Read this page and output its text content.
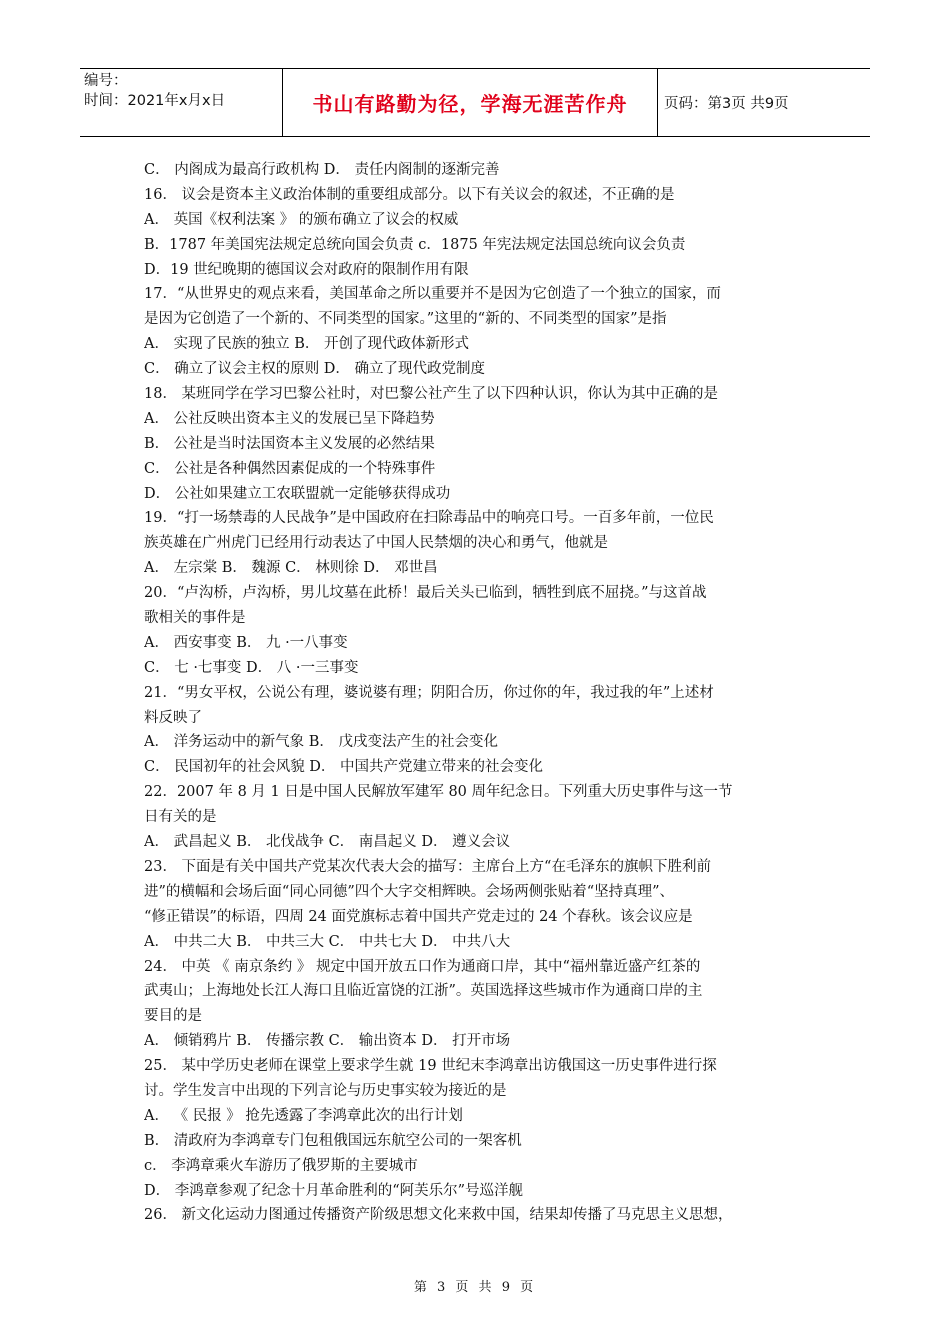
编号：
时间：2021年x月x日	书山有路勤为径，学海无涯苦作舟	页码：第3页 共9页
C． 内阁成为最高行政机构 D． 责任内阁制的逐渐完善
16． 议会是资本主义政治体制的重要组成部分。以下有关议会的叙述，不正确的是
A． 英国《权利法案 》 的颁布确立了议会的权威
B．1787 年美国宪法规定总统向国会负责 c．1875 年宪法规定法国总统向议会负责
D．19 世纪晚期的德国议会对政府的限制作用有限
17．“从世界史的观点来看，美国革命之所以重要并不是因为它创造了一个独立的国家，而
是因为它创造了一个新的、不同类型的国家。”这里的“新的、不同类型的国家”是指
A． 实现了民族的独立 B． 开创了现代政体新形式
C． 确立了议会主权的原则 D． 确立了现代政党制度
18． 某班同学在学习巴黎公社时，对巴黎公社产生了以下四种认识，你认为其中正确的是
A． 公社反映出资本主义的发展已呈下降趋势
B． 公社是当时法国资本主义发展的必然结果
C． 公社是各种偶然因素促成的一个特殊事件
D． 公社如果建立工农联盟就一定能够获得成功
19．“打一场禁毒的人民战争”是中国政府在扫除毒品中的响亮口号。一百多年前，一位民
族英雄在广州虎门已经用行动表达了中国人民禁烟的决心和勇气，他就是
A． 左宗棠 B． 魏源 C． 林则徐 D． 邓世昌
20．“卢沟桥，卢沟桥，男儿坟墓在此桥！最后关头已临到，牺牲到底不屈挠。”与这首战
歌相关的事件是
A． 西安事变 B． 九 ·一八事变
C． 七 ·七事变 D． 八 ·一三事变
21．“男女平权，公说公有理，婆说婆有理；阴阳合历，你过你的年，我过我的年”上述材
料反映了
A． 洋务运动中的新气象 B． 戊戌变法产生的社会变化
C． 民国初年的社会风貌 D． 中国共产党建立带来的社会变化
22．2007 年 8 月 1 日是中国人民解放军建军 80 周年纪念日。下列重大历史事件与这一节
日有关的是
A． 武昌起义 B． 北伐战争 C． 南昌起义 D． 遵义会议
23． 下面是有关中国共产党某次代表大会的描写：主席台上方“在毛泽东的旗帜下胜利前
进”的横幅和会场后面“同心同德”四个大字交相辉映。会场两侧张贴着“坚持真理”、
“修正错误”的标语，四周 24 面党旗标志着中国共产党走过的 24 个春秋。该会议应是
A． 中共二大 B． 中共三大 C． 中共七大 D． 中共八大
24． 中英 《 南京条约 》 规定中国开放五口作为通商口岸，其中“福州靠近盛产红茶的
武夷山；上海地处长江人海口且临近富饶的江浙”。英国选择这些城市作为通商口岸的主
要目的是
A． 倾销鸦片 B． 传播宗教 C． 输出资本 D． 打开市场
25． 某中学历史老师在课堂上要求学生就 19 世纪末李鸿章出访俄国这一历史事件进行探
讨。学生发言中出现的下列言论与历史事实较为接近的是
A． 《 民报 》 抢先透露了李鸿章此次的出行计划
B． 清政府为李鸿章专门包租俄国远东航空公司的一架客机
c． 李鸿章乘火车游历了俄罗斯的主要城市
D． 李鸿章参观了纪念十月革命胜利的“阿芙乐尔”号巡洋舰
26． 新文化运动力图通过传播资产阶级思想文化来救中国，结果却传播了马克思主义思想，
第 3 页 共 9 页
